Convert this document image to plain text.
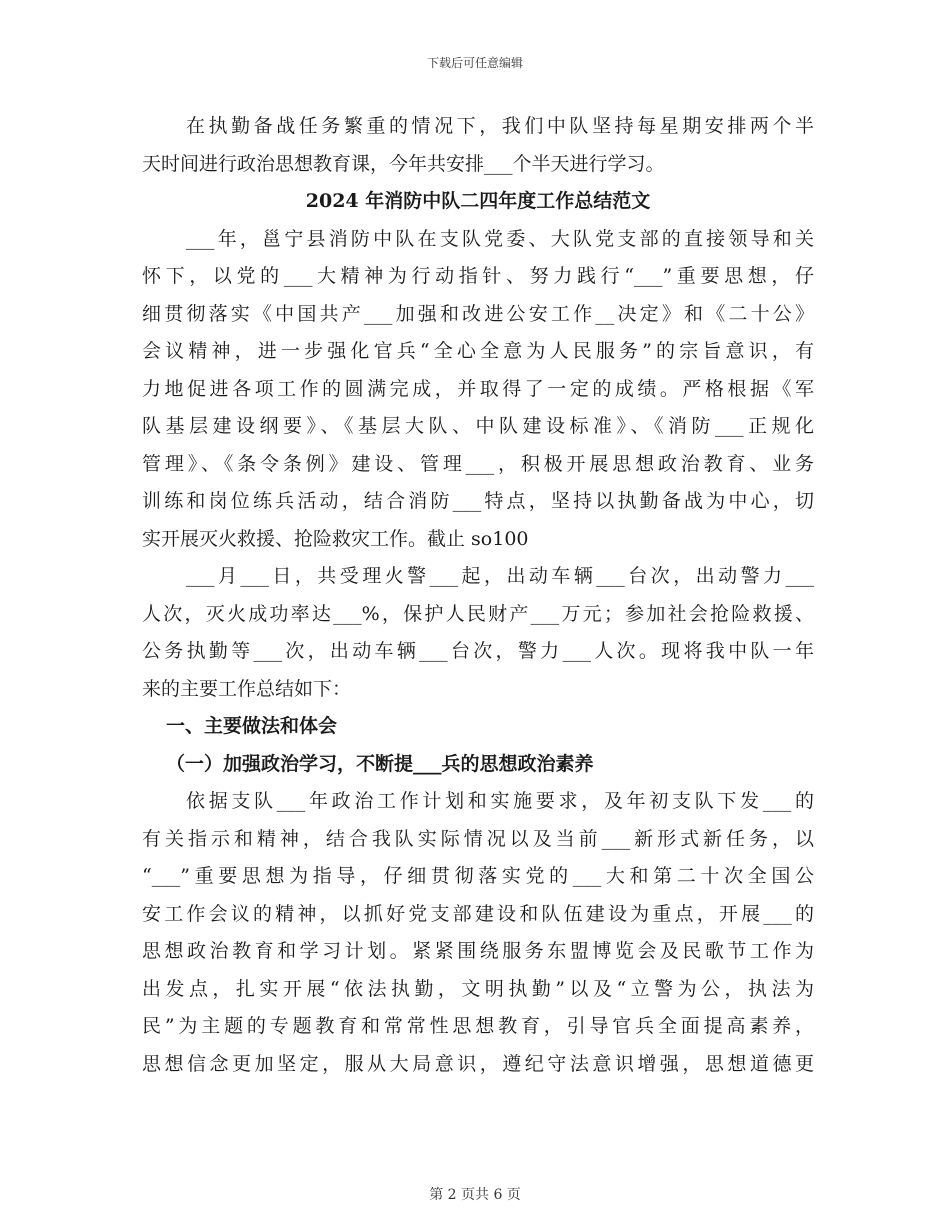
下载后可任意编辑
在执勤备战任务繁重的情况下，我们中队坚持每星期安排两个半
天时间进行政治思想教育课，今年共安排___个半天进行学习。
2024 年消防中队二四年度工作总结范文
___年，邕宁县消防中队在支队党委、大队党支部的直接领导和关
怀下，以党的___大精神为行动指针、努力践行“___”重要思想，仔
细贯彻落实《中国共产___加强和改进公安工作__决定》和《二十公》
会议精神，进一步强化官兵“全心全意为人民服务”的宗旨意识，有
力地促进各项工作的圆满完成，并取得了一定的成绩。严格根据《军
队基层建设纲要》、《基层大队、中队建设标准》、《消防___正规化
管理》、《条令条例》建设、管理___，积极开展思想政治教育、业务
训练和岗位练兵活动，结合消防___特点，坚持以执勤备战为中心，切
实开展灭火救援、抢险救灾工作。截止 so100
___月___日，共受理火警___起，出动车辆___台次，出动警力___
人次，灭火成功率达___%，保护人民财产___万元；参加社会抢险救援、
公务执勤等___次，出动车辆___台次，警力___人次。现将我中队一年
来的主要工作总结如下：
一、主要做法和体会
（一）加强政治学习，不断提___兵的思想政治素养
依据支队___年政治工作计划和实施要求，及年初支队下发___的
有关指示和精神，结合我队实际情况以及当前___新形式新任务，以
“___”重要思想为指导，仔细贯彻落实党的___大和第二十次全国公
安工作会议的精神，以抓好党支部建设和队伍建设为重点，开展___的
思想政治教育和学习计划。紧紧围绕服务东盟博览会及民歌节工作为
出发点，扎实开展“依法执勤，文明执勤”以及“立警为公，执法为
民”为主题的专题教育和常常性思想教育，引导官兵全面提高素养，
思想信念更加坚定，服从大局意识，遵纪守法意识增强，思想道德更
第 2 页共 6 页
